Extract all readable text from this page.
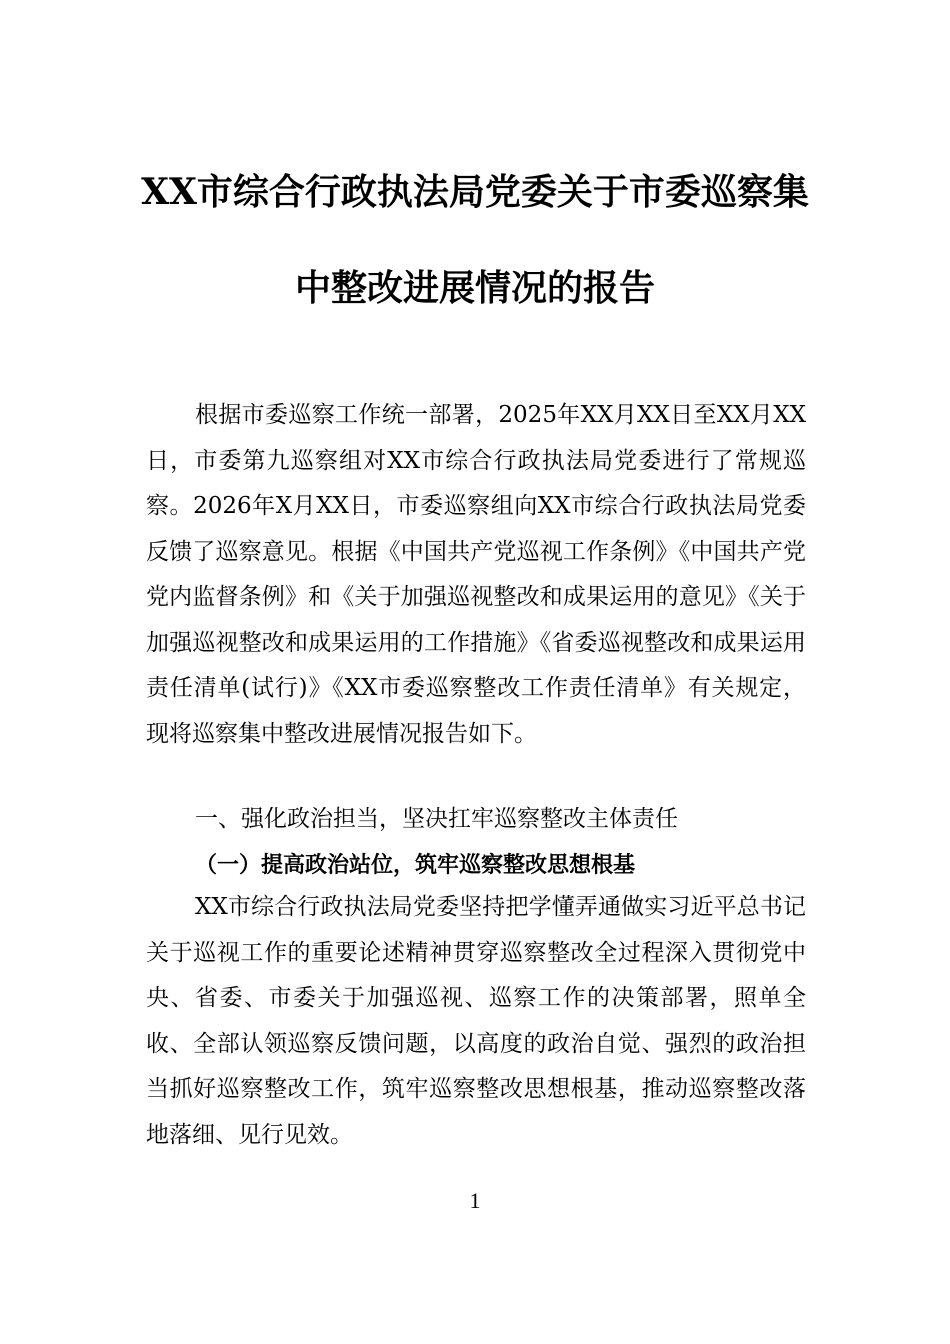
XX市综合行政执法局党委关于市委巡察集
中整改进展情况的报告
根据市委巡察工作统一部署，2025年XX月XX日至XX月XX日，市委第九巡察组对XX市综合行政执法局党委进行了常规巡察。2026年X月XX日，市委巡察组向XX市综合行政执法局党委反馈了巡察意见。根据《中国共产党巡视工作条例》《中国共产党党内监督条例》和《关于加强巡视整改和成果运用的意见》《关于加强巡视整改和成果运用的工作措施》《省委巡视整改和成果运用责任清单(试行)》《XX市委巡察整改工作责任清单》有关规定，现将巡察集中整改进展情况报告如下。
一、强化政治担当，坚决扛牢巡察整改主体责任
（一）提高政治站位，筑牢巡察整改思想根基
XX市综合行政执法局党委坚持把学懂弄通做实习近平总书记关于巡视工作的重要论述精神贯穿巡察整改全过程深入贯彻党中央、省委、市委关于加强巡视、巡察工作的决策部署，照单全收、全部认领巡察反馈问题，以高度的政治自觉、强烈的政治担当抓好巡察整改工作，筑牢巡察整改思想根基，推动巡察整改落地落细、见行见效。
1
